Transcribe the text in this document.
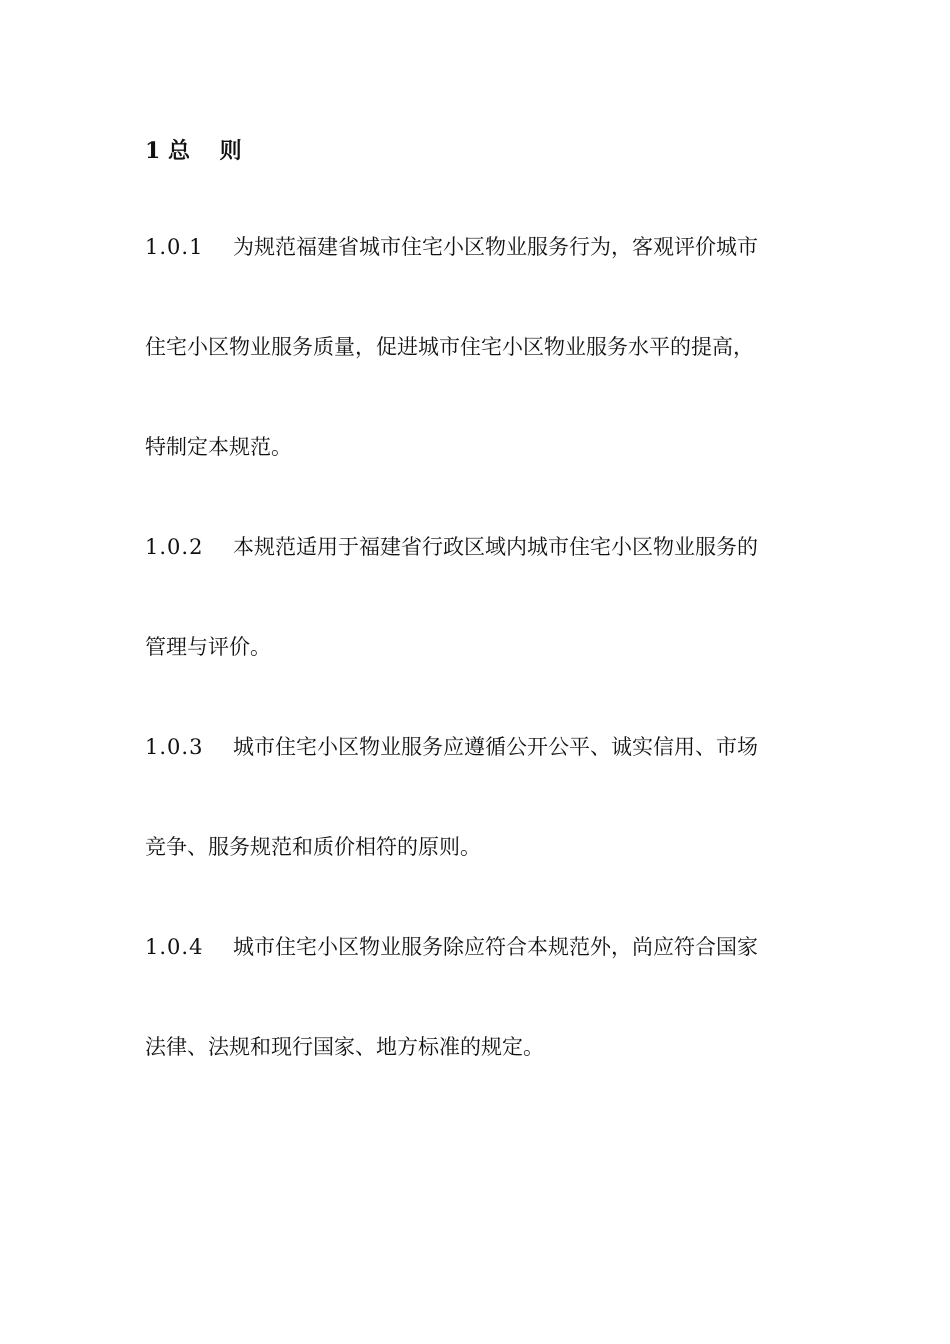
1 总　 则
1.0.1 为规范福建省城市住宅小区物业服务行为，客观评价城市
住宅小区物业服务质量，促进城市住宅小区物业服务水平的提高，
特制定本规范。
1.0.2 本规范适用于福建省行政区域内城市住宅小区物业服务的
管理与评价。
1.0.3 城市住宅小区物业服务应遵循公开公平、诚实信用、市场
竞争、服务规范和质价相符的原则。
1.0.4 城市住宅小区物业服务除应符合本规范外，尚应符合国家
法律、法规和现行国家、地方标准的规定。
